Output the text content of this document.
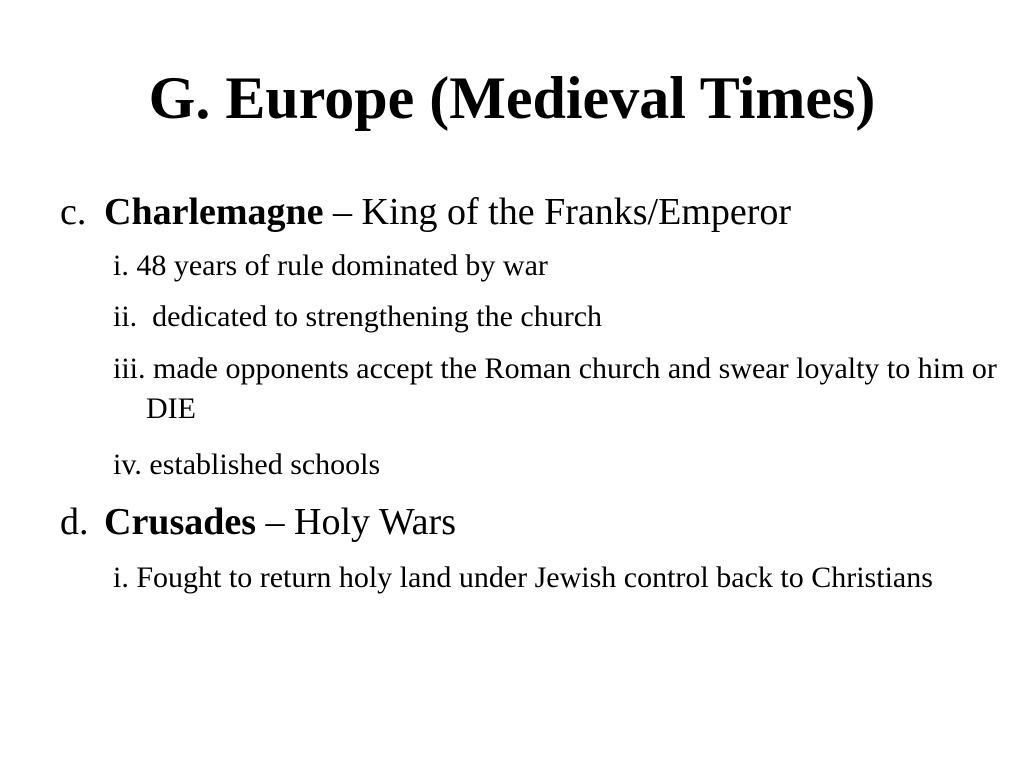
G. Europe (Medieval Times)
c. Charlemagne – King of the Franks/Emperor
i. 48 years of rule dominated by war
ii. dedicated to strengthening the church
iii. made opponents accept the Roman church and swear loyalty to him or DIE
iv. established schools
d. Crusades – Holy Wars
i. Fought to return holy land under Jewish control back to Christians
